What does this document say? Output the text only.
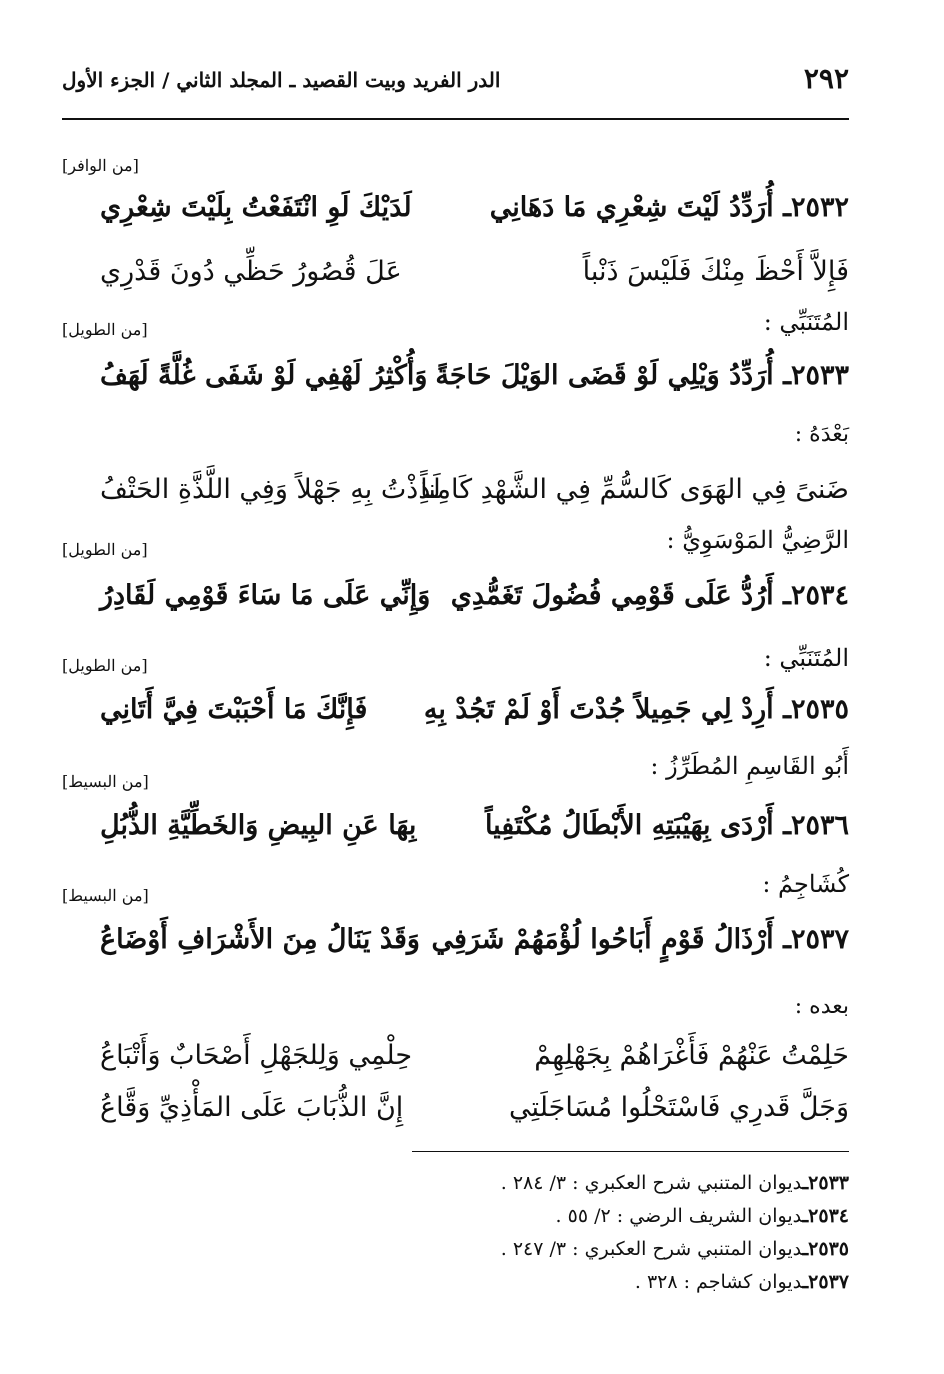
٢٩٢
الدر الفريد وبيت القصيد ـ المجلد الثاني / الجزء الأول
[من الوافر]
٢٥٣٢ـ أُرَدِّدُ لَيْتَ شِعْرِي مَا دَهَانِي
لَدَيْكَ لَوِ انْتَفَعْتُ بِلَيْتَ شِعْرِي
فَإِلاَّ أَحْظَ مِنْكَ فَلَيْسَ ذَنْباً
عَلَ قُصُورُ حَظِّي دُونَ قَدْرِي
المُتَنَبِّي :
[من الطويل]
٢٥٣٣ـ أُرَدِّدُ وَيْلِي لَوْ قَضَى الوَيْلَ حَاجَةً
وَأُكْثِرُ لَهْفِي لَوْ شَفَى غُلَّةً لَهَفُ
بَعْدَهُ :
ضَنىً فِي الهَوَى كَالسُّمِّ فِي الشَّهْدِ كَامِناً
لَذِذْتُ بِهِ جَهْلاً وَفِي اللَّذَّةِ الحَتْفُ
الرَّضِيُّ المَوْسَوِيُّ :
[من الطويل]
٢٥٣٤ـ أَرُدُّ عَلَى قَوْمِي فُضُولَ تَغَمُّدِي
وَإِنِّي عَلَى مَا سَاءَ قَوْمِي لَقَادِرُ
المُتَنَبِّي :
[من الطويل]
٢٥٣٥ـ أَرِدْ لِي جَمِيلاً جُدْتَ أَوْ لَمْ تَجُدْ بِهِ
فَإِنَّكَ مَا أَحْبَبْتَ فِيَّ أَتَانِي
أَبُو القَاسِمِ المُطَرِّزُ :
[من البسيط]
٢٥٣٦ـ أَرْدَى بِهَيْبَتِهِ الأَبْطَالُ مُكْتَفِياً
بِهَا عَنِ البِيضِ وَالخَطِّيَّةِ الذُّبُلِ
كُشَاجِمُ :
[من البسيط]
٢٥٣٧ـ أَرْذَالُ قَوْمٍ أَبَاحُوا لُؤْمَهُمْ شَرَفِي
وَقَدْ يَنَالُ مِنَ الأَشْرَافِ أَوْضَاعُ
بعده :
حَلِمْتُ عَنْهُمْ فَأَغْرَاهُمْ بِجَهْلِهِمْ
حِلْمِي وَلِلجَهْلِ أَصْحَابٌ وَأَتْبَاعُ
وَجَلَّ قَدرِي فَاسْتَحْلُوا مُسَاجَلَتِي
إِنَّ الذُّبَابَ عَلَى المَأْذِيِّ وَقَّاعُ
٢٥٣٣ـديوان المتنبي شرح العكبري : ٣/ ٢٨٤ .
٢٥٣٤ـديوان الشريف الرضي : ٢/ ٥٥ .
٢٥٣٥ـديوان المتنبي شرح العكبري : ٣/ ٢٤٧ .
٢٥٣٧ـديوان كشاجم : ٣٢٨ .
